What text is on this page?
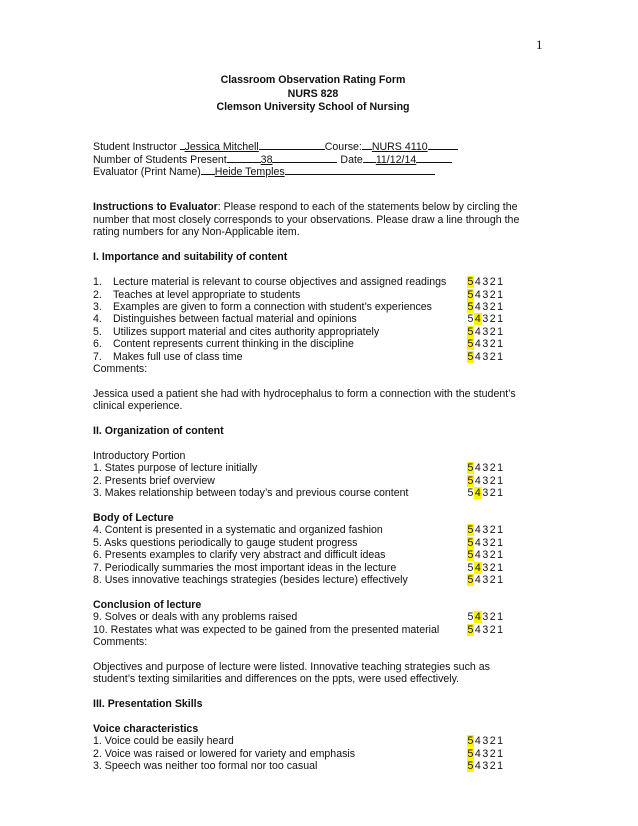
1
Classroom Observation Rating Form
NURS 828
Clemson University School of Nursing
Student Instructor Jessica Mitchell	Course: NURS 4110
Number of Students Present	38	Date 11/12/14
Evaluator (Print Name) Heide Temples
Instructions to Evaluator: Please respond to each of the statements below by circling the number that most closely corresponds to your observations. Please draw a line through the rating numbers for any Non-Applicable item.
I. Importance and suitability of content
1. Lecture material is relevant to course objectives and assigned readings 54321
2. Teaches at level appropriate to students	54321
3. Examples are given to form a connection with student’s experiences	54321
4. Distinguishes between factual material and opinions	54321
5. Utilizes support material and cites authority appropriately	54321
6. Content represents current thinking in the discipline	54321
7. Makes full use of class time	54321
Comments:
Jessica used a patient she had with hydrocephalus to form a connection with the student’s clinical experience.
II. Organization of content
Introductory Portion
1. States purpose of lecture initially	54321
2. Presents brief overview	54321
3. Makes relationship between today’s and previous course content	54321
Body of Lecture
4. Content is presented in a systematic and organized fashion	54321
5. Asks questions periodically to gauge student progress	54321
6. Presents examples to clarify very abstract and difficult ideas	54321
7. Periodically summaries the most important ideas in the lecture	54321
8. Uses innovative teachings strategies (besides lecture) effectively	54321
Conclusion of lecture
9. Solves or deals with any problems raised	54321
10. Restates what was expected to be gained from the presented material	54321
Comments:
Objectives and purpose of lecture were listed. Innovative teaching strategies such as student’s texting similarities and differences on the ppts, were used effectively.
III. Presentation Skills
Voice characteristics
1. Voice could be easily heard	54321
2. Voice was raised or lowered for variety and emphasis	54321
3. Speech was neither too formal nor too casual	54321
